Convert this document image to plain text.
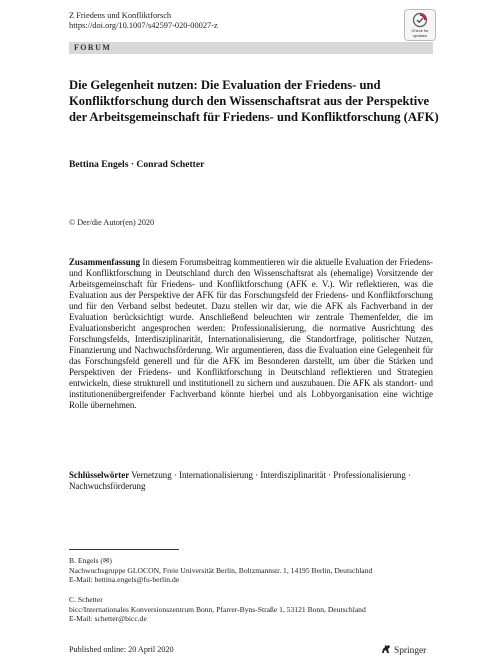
Z Friedens und Konfliktforsch
https://doi.org/10.1007/s42597-020-00027-z
Check for
updates
FORUM
Die Gelegenheit nutzen: Die Evaluation der Friedens- und Konfliktforschung durch den Wissenschaftsrat aus der Perspektive der Arbeitsgemeinschaft für Friedens- und Konfliktforschung (AFK)
Bettina Engels · Conrad Schetter
© Der/die Autor(en) 2020
Zusammenfassung In diesem Forumsbeitrag kommentieren wir die aktuelle Evaluation der Friedens- und Konfliktforschung in Deutschland durch den Wissenschaftsrat als (ehemalige) Vorsitzende der Arbeitsgemeinschaft für Friedens- und Konfliktforschung (AFK e. V.). Wir reflektieren, was die Evaluation aus der Perspektive der AFK für das Forschungsfeld der Friedens- und Konfliktforschung und für den Verband selbst bedeutet. Dazu stellen wir dar, wie die AFK als Fachverband in der Evaluation berücksichtigt wurde. Anschließend beleuchten wir zentrale Themenfelder, die im Evaluationsbericht angesprochen werden: Professionalisierung, die normative Ausrichtung des Forschungsfelds, Interdisziplinarität, Internationalisierung, die Standortfrage, politischer Nutzen, Finanzierung und Nachwuchsförderung. Wir argumentieren, dass die Evaluation eine Gelegenheit für das Forschungsfeld generell und für die AFK im Besonderen darstellt, um über die Stärken und Perspektiven der Friedens- und Konfliktforschung in Deutschland reflektieren und Strategien entwickeln, diese strukturell und institutionell zu sichern und auszubauen. Die AFK als standort- und institutionenübergreifender Fachverband könnte hierbei und als Lobbyorganisation eine wichtige Rolle übernehmen.
Schlüsselwörter Vernetzung · Internationalisierung · Interdisziplinarität · Professionalisierung · Nachwuchsförderung
B. Engels (✉)
Nachwuchsgruppe GLOCON, Freie Universität Berlin, Boltzmannstr. 1, 14195 Berlin, Deutschland
E-Mail: bettina.engels@fu-berlin.de
C. Schetter
bicc/Internationales Konversionszentrum Bonn, Pfarrer-Byns-Straße 1, 53121 Bonn, Deutschland
E-Mail: schetter@bicc.de
Published online: 20 April 2020	Springer
